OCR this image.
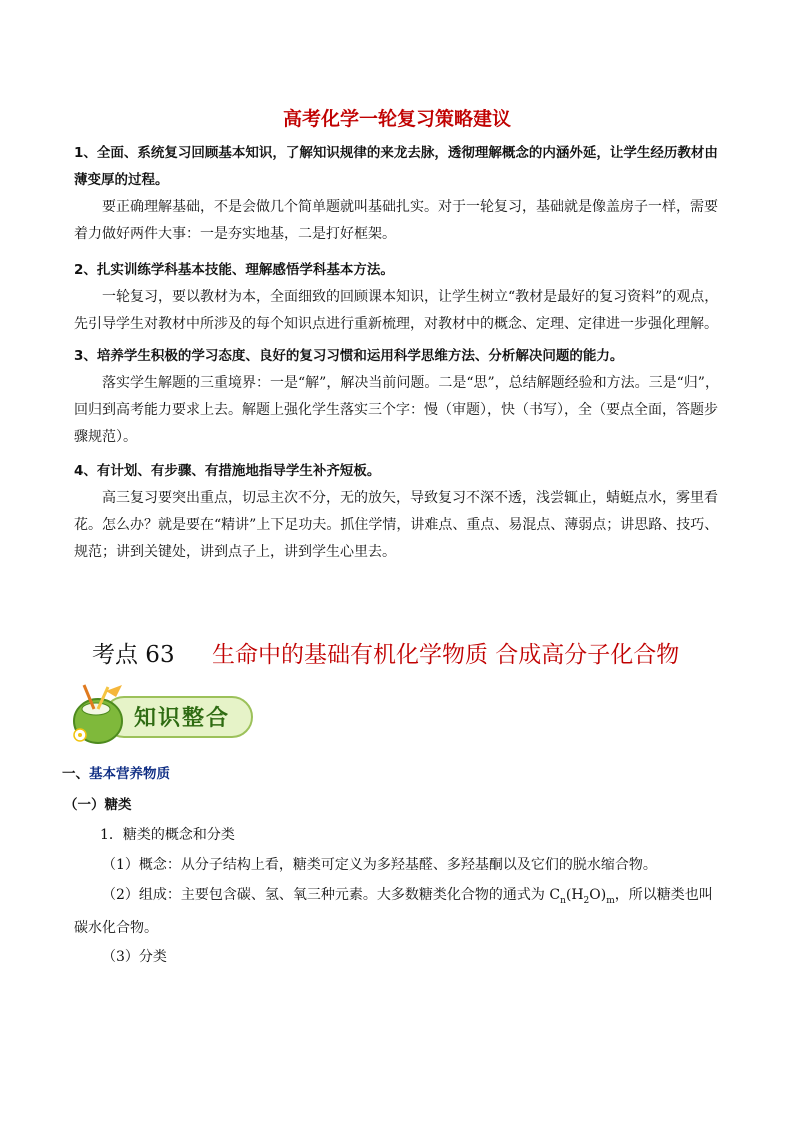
高考化学一轮复习策略建议
1、全面、系统复习回顾基本知识，了解知识规律的来龙去脉，透彻理解概念的内涵外延，让学生经历教材由薄变厚的过程。
要正确理解基础，不是会做几个简单题就叫基础扎实。对于一轮复习，基础就是像盖房子一样，需要着力做好两件大事：一是夯实地基，二是打好框架。
2、扎实训练学科基本技能、理解感悟学科基本方法。
一轮复习，要以教材为本，全面细致的回顾课本知识，让学生树立“教材是最好的复习资料”的观点，先引导学生对教材中所涉及的每个知识点进行重新梳理，对教材中的概念、定理、定律进一步强化理解。
3、培养学生积极的学习态度、良好的复习习惯和运用科学思维方法、分析解决问题的能力。
落实学生解题的三重境界：一是“解”，解决当前问题。二是“思”，总结解题经验和方法。三是“归”，回归到高考能力要求上去。解题上强化学生落实三个字：慢（审题），快（书写），全（要点全面，答题步骤规范）。
4、有计划、有步骤、有措施地指导学生补齐短板。
高三复习要突出重点，切忌主次不分，无的放矢，导致复习不深不透，浅尝辄止，蜻蜓点水，雾里看花。怎么办？就是要在“精讲”上下足功夫。抓住学情，讲难点、重点、易混点、薄弱点；讲思路、技巧、规范；讲到关键处，讲到点子上，讲到学生心里去。
考点 63 生命中的基础有机化学物质 合成高分子化合物
知识整合
一、基本营养物质
（一）糖类
1．糖类的概念和分类
（1）概念：从分子结构上看，糖类可定义为多羟基醛、多羟基酮以及它们的脱水缩合物。
（2）组成：主要包含碳、氢、氧三种元素。大多数糖类化合物的通式为 $C_n(H_2O)_m$，所以糖类也叫碳水化合物。
（3）分类
